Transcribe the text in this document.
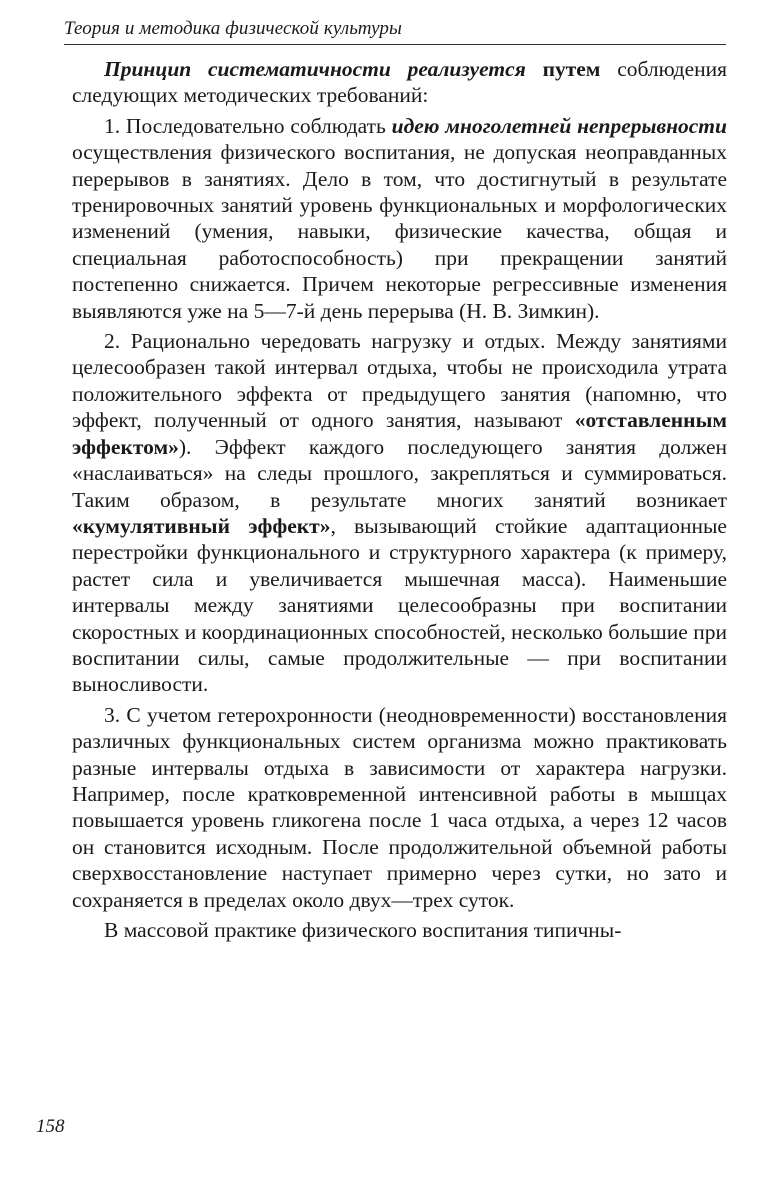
Теория и методика физической культуры

Принцип систематичности реализуется путем соблюдения следующих методических требований:

1. Последовательно соблюдать идею многолетней непрерывности осуществления физического воспитания, не допуская неоправданных перерывов в занятиях. Дело в том, что достигнутый в результате тренировочных занятий уровень функциональных и морфологических изменений (умения, навыки, физические качества, общая и специальная работоспособность) при прекращении занятий постепенно снижается. Причем некоторые регрессивные изменения выявляются уже на 5—7-й день перерыва (Н. В. Зимкин).

2. Рационально чередовать нагрузку и отдых. Между занятиями целесообразен такой интервал отдыха, чтобы не происходила утрата положительного эффекта от предыдущего занятия (напомню, что эффект, полученный от одного занятия, называют «отставленным эффектом»). Эффект каждого последующего занятия должен «наслаиваться» на следы прошлого, закрепляться и суммироваться. Таким образом, в результате многих занятий возникает «кумулятивный эффект», вызывающий стойкие адаптационные перестройки функционального и структурного характера (к примеру, растет сила и увеличивается мышечная масса). Наименьшие интервалы между занятиями целесообразны при воспитании скоростных и координационных способностей, несколько большие при воспитании силы, самые продолжительные — при воспитании выносливости.

3. С учетом гетерохронности (неодновременности) восстановления различных функциональных систем организма можно практиковать разные интервалы отдыха в зависимости от характера нагрузки. Например, после кратковременной интенсивной работы в мышцах повышается уровень гликогена после 1 часа отдыха, а через 12 часов он становится исходным. После продолжительной объемной работы сверхвосстановление наступает примерно через сутки, но зато и сохраняется в пределах около двух—трех суток.

В массовой практике физического воспитания типичны-

158
